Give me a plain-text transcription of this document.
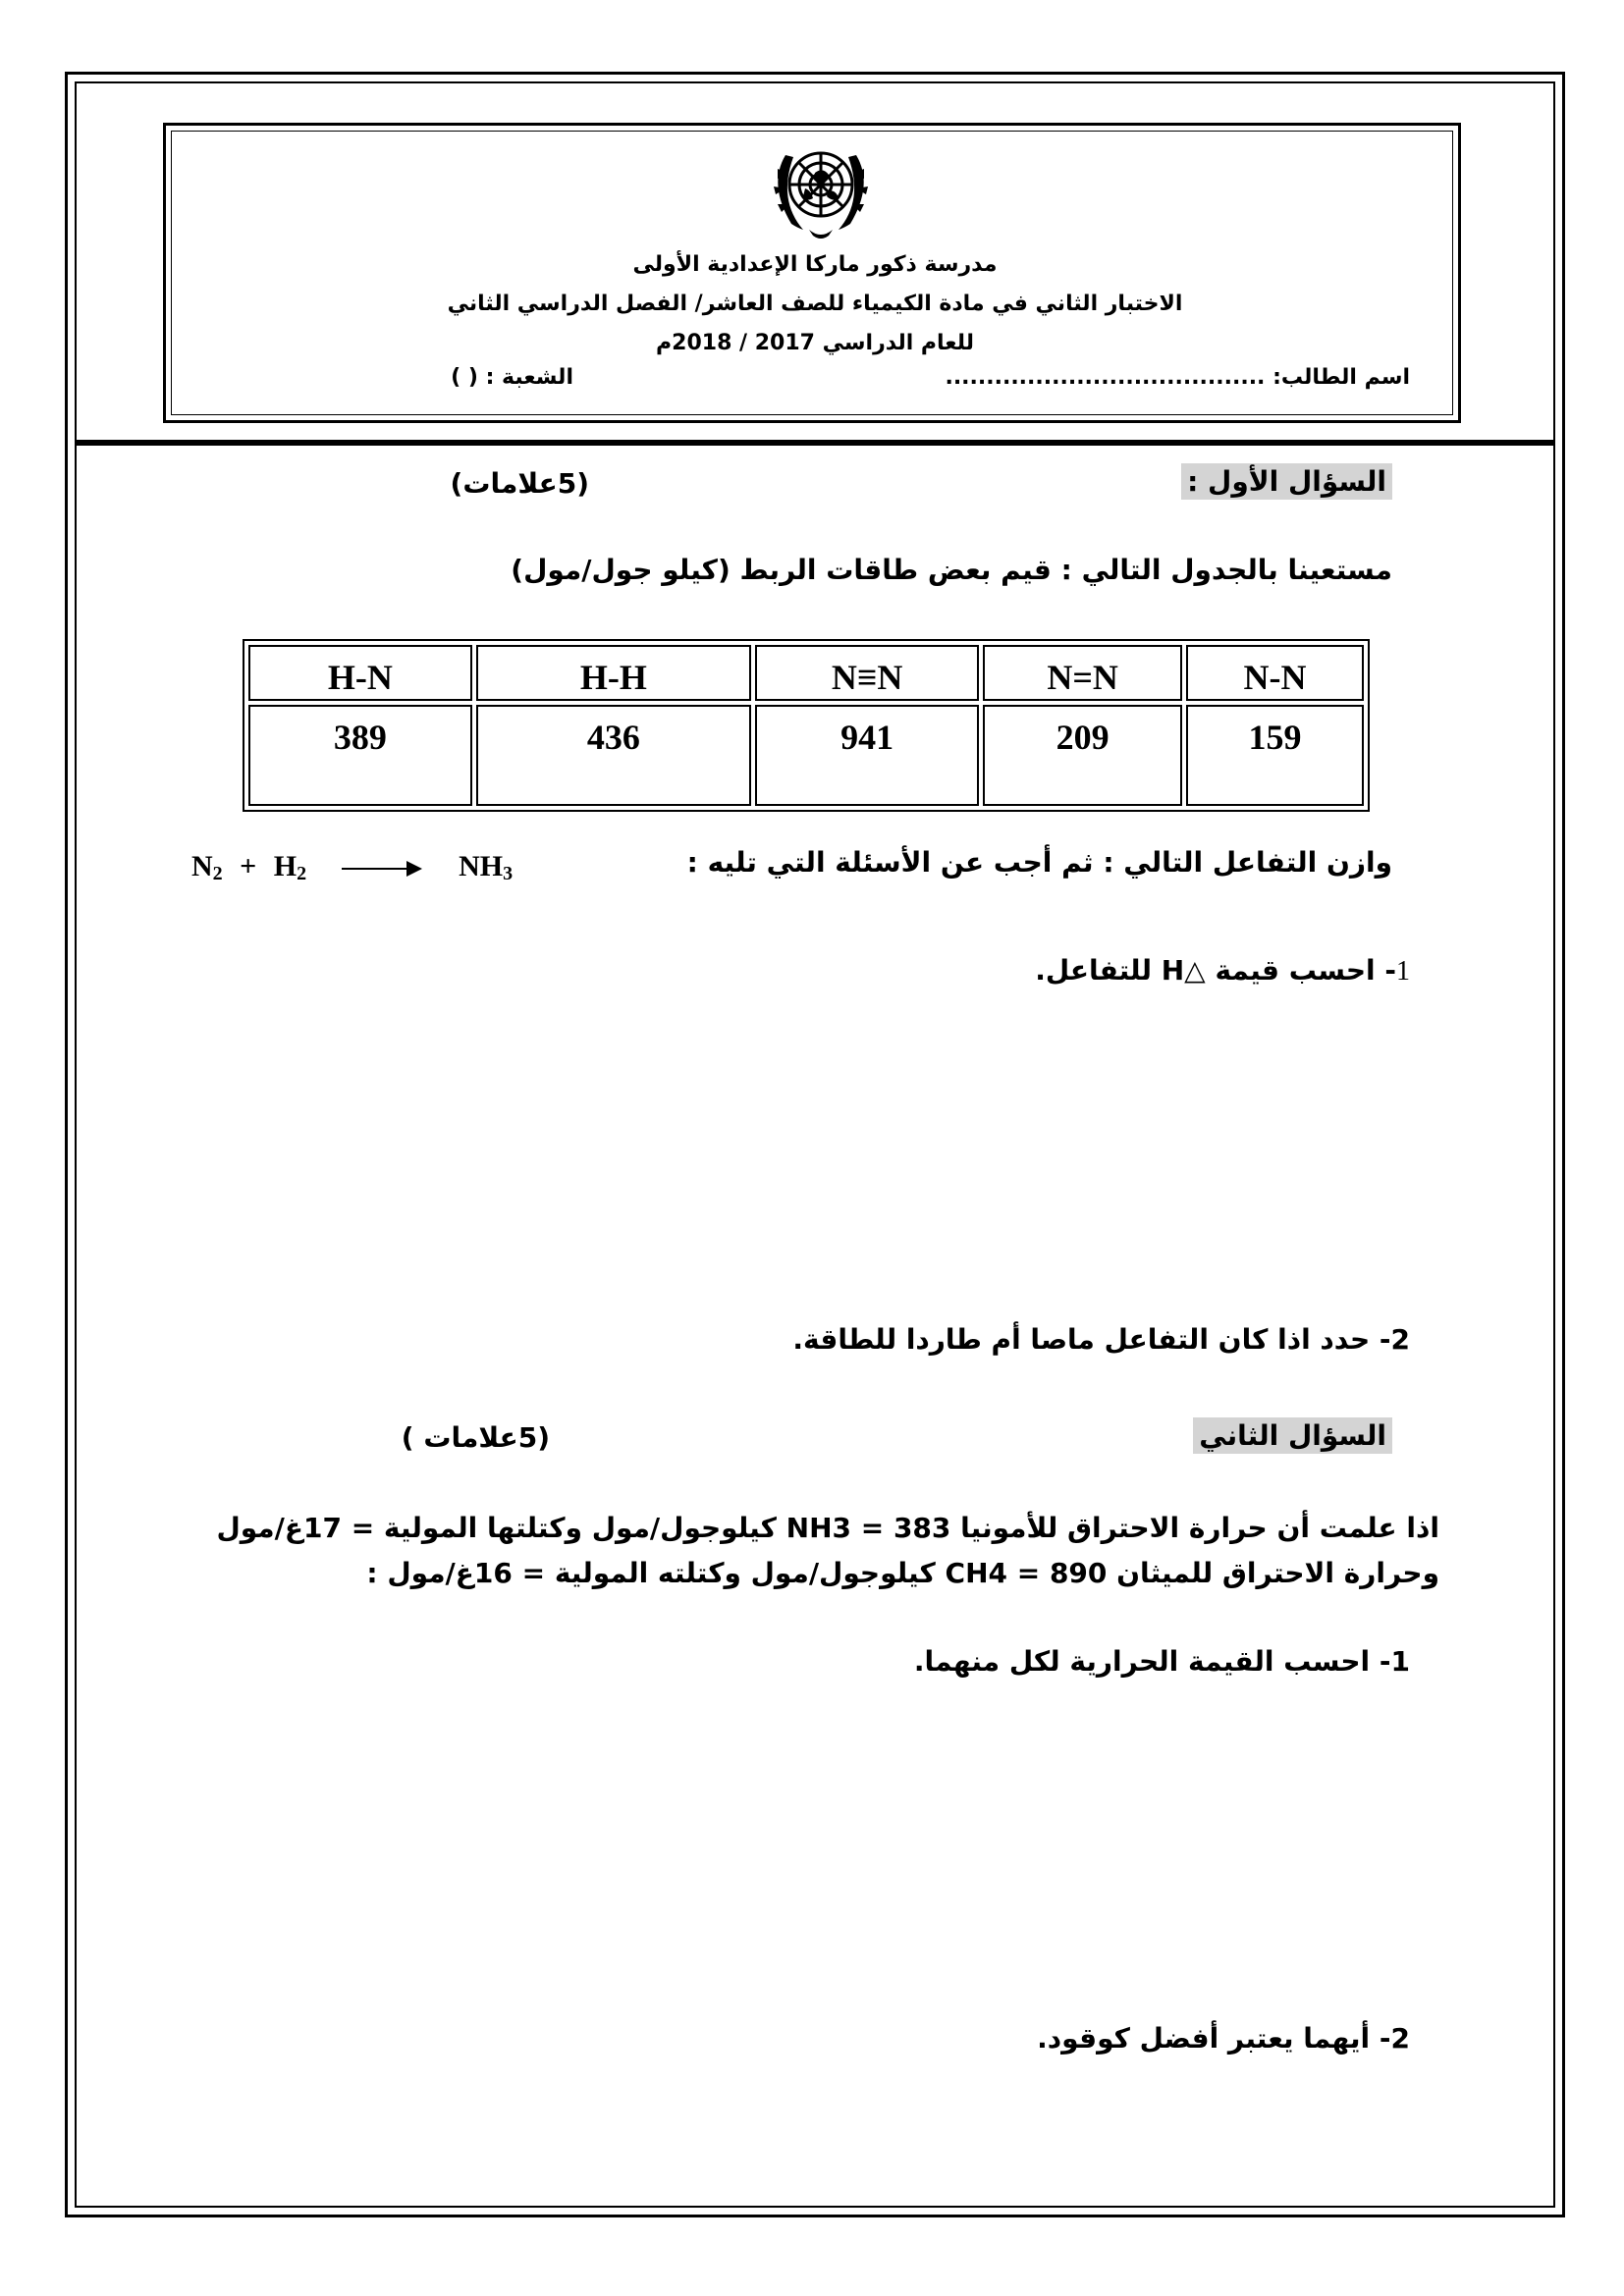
مدرسة ذكور ماركا الإعدادية الأولى
الاختبار الثاني في مادة الكيمياء للصف العاشر/ الفصل الدراسي الثاني
للعام الدراسي 2017 / 2018م
اسم الطالب: .......................................
الشعبة : ( )
السؤال الأول :
(5علامات)
مستعينا بالجدول التالي : قيم بعض طاقات الربط (كيلو جول/مول)
H-N	H-H	N≡N	N=N	N-N
389	436	941	209	159
وازن التفاعل التالي : ثم أجب عن الأسئلة التي تليه :
$N_2 + H_2 \to NH_3$
1- احسب قيمة △H للتفاعل.
2- حدد اذا كان التفاعل ماصا أم طاردا للطاقة.
السؤال الثاني
(5علامات )
اذا علمت أن حرارة الاحتراق للأمونيا NH3 = 383 كيلوجول/مول وكتلتها المولية = 17غ/مول
وحرارة الاحتراق للميثان CH4 = 890 كيلوجول/مول وكتلته المولية = 16غ/مول :
1- احسب القيمة الحرارية لكل منهما.
2- أيهما يعتبر أفضل كوقود.
